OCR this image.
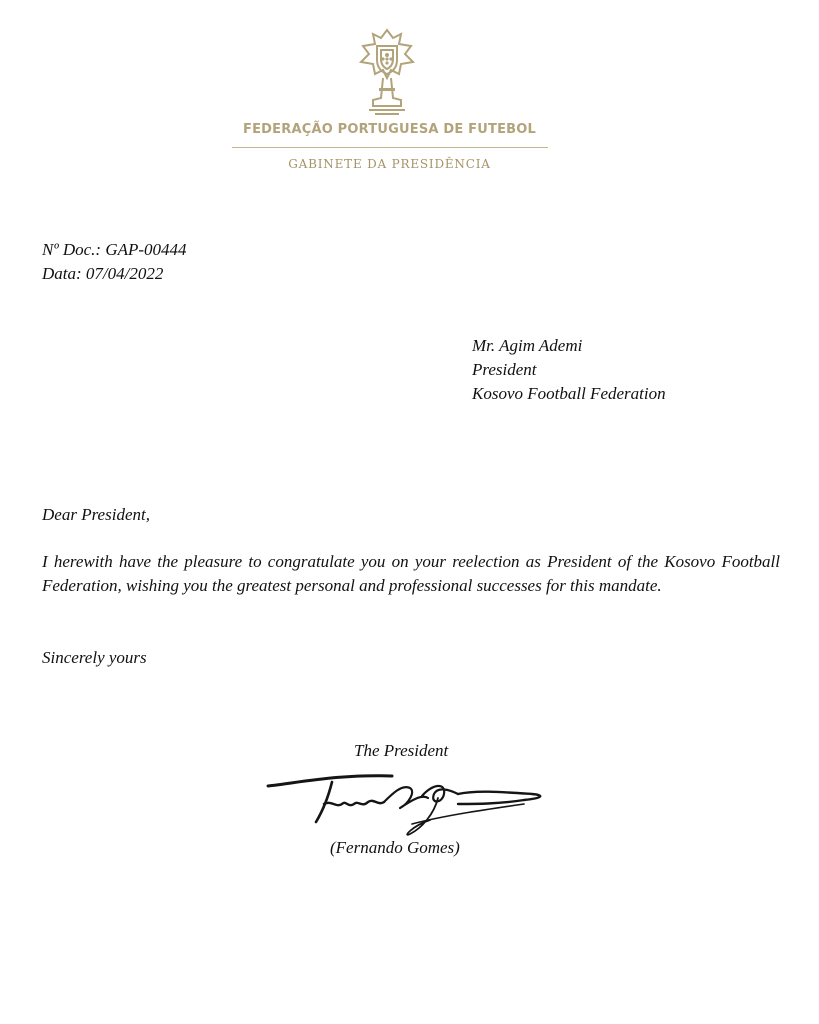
FEDERAÇÃO PORTUGUESA DE FUTEBOL
GABINETE DA PRESIDÊNCIA
Nº Doc.: GAP-00444
Data: 07/04/2022
Mr. Agim Ademi
President
Kosovo Football Federation
Dear President,
I herewith have the pleasure to congratulate you on your reelection as President of the Kosovo Football Federation, wishing you the greatest personal and professional successes for this mandate.
Sincerely yours
The President
(Fernando Gomes)
